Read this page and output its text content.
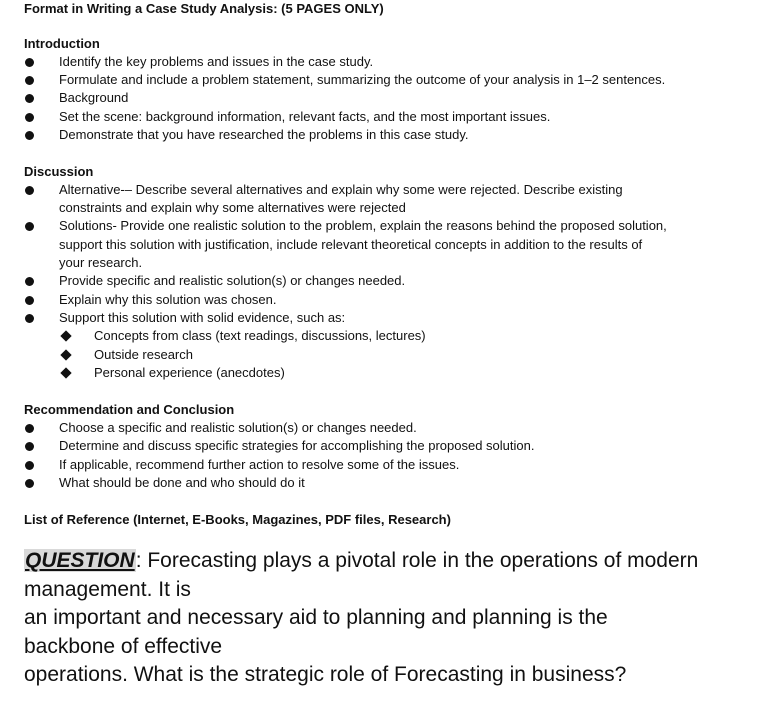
Format in Writing a Case Study Analysis: (5 PAGES ONLY)
Introduction
Identify the key problems and issues in the case study.
Formulate and include a problem statement, summarizing the outcome of your analysis in 1–2 sentences.
Background
Set the scene: background information, relevant facts, and the most important issues.
Demonstrate that you have researched the problems in this case study.
Discussion
Alternative-– Describe several alternatives and explain why some were rejected. Describe existing
constraints and explain why some alternatives were rejected
Solutions- Provide one realistic solution to the problem, explain the reasons behind the proposed solution,
support this solution with justification, include relevant theoretical concepts in addition to the results of
your research.
Provide specific and realistic solution(s) or changes needed.
Explain why this solution was chosen.
Support this solution with solid evidence, such as:
Concepts from class (text readings, discussions, lectures)
Outside research
Personal experience (anecdotes)
Recommendation and Conclusion
Choose a specific and realistic solution(s) or changes needed.
Determine and discuss specific strategies for accomplishing the proposed solution.
If applicable, recommend further action to resolve some of the issues.
What should be done and who should do it
List of Reference (Internet, E-Books, Magazines, PDF files, Research)
QUESTION: Forecasting plays a pivotal role in the operations of modern
management. It is
an important and necessary aid to planning and planning is the
backbone of effective
operations. What is the strategic role of Forecasting in business?
